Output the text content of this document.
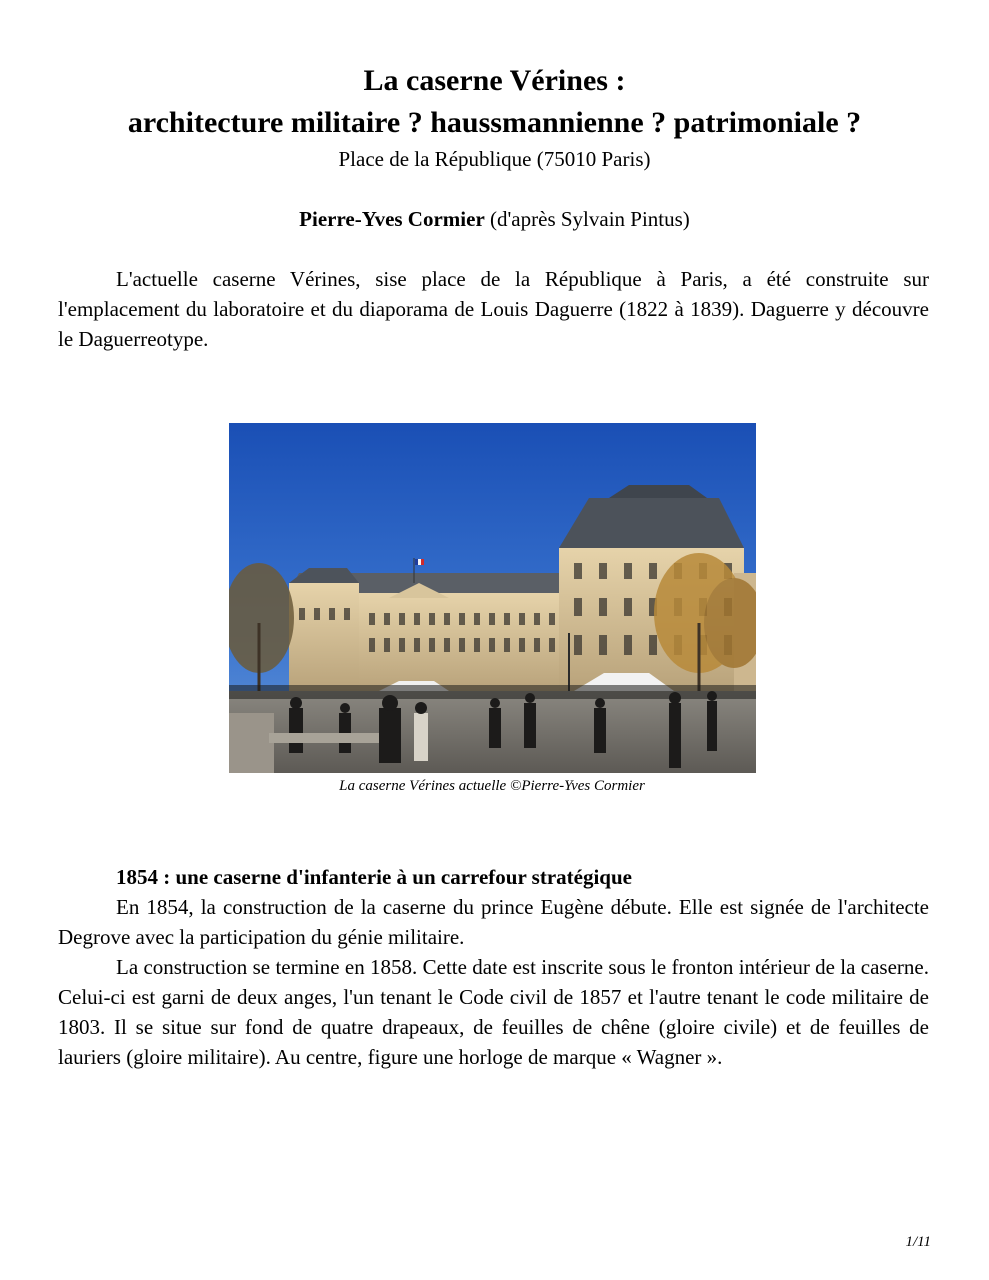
La caserne Vérines :

architecture militaire ? haussmannienne ? patrimoniale ?

Place de la République (75010 Paris)

Pierre-Yves Cormier (d'après Sylvain Pintus)

L'actuelle caserne Vérines, sise place de la République à Paris, a été construite sur l'emplacement du laboratoire et du diaporama de Louis Daguerre (1822 à 1839). Daguerre y découvre le Daguerreotype.

La caserne Vérines actuelle ©Pierre-Yves Cormier

1854 : une caserne d'infanterie à un carrefour stratégique

En 1854, la construction de la caserne du prince Eugène débute. Elle est signée de l'architecte Degrove avec la participation du génie militaire.

La construction se termine en 1858. Cette date est inscrite sous le fronton intérieur de la caserne. Celui-ci est garni de deux anges, l'un tenant le Code civil de 1857 et l'autre tenant le code militaire de 1803. Il se situe sur fond de quatre drapeaux, de feuilles de chêne (gloire civile) et de feuilles de lauriers (gloire militaire). Au centre, figure une horloge de marque « Wagner ».

1/11
